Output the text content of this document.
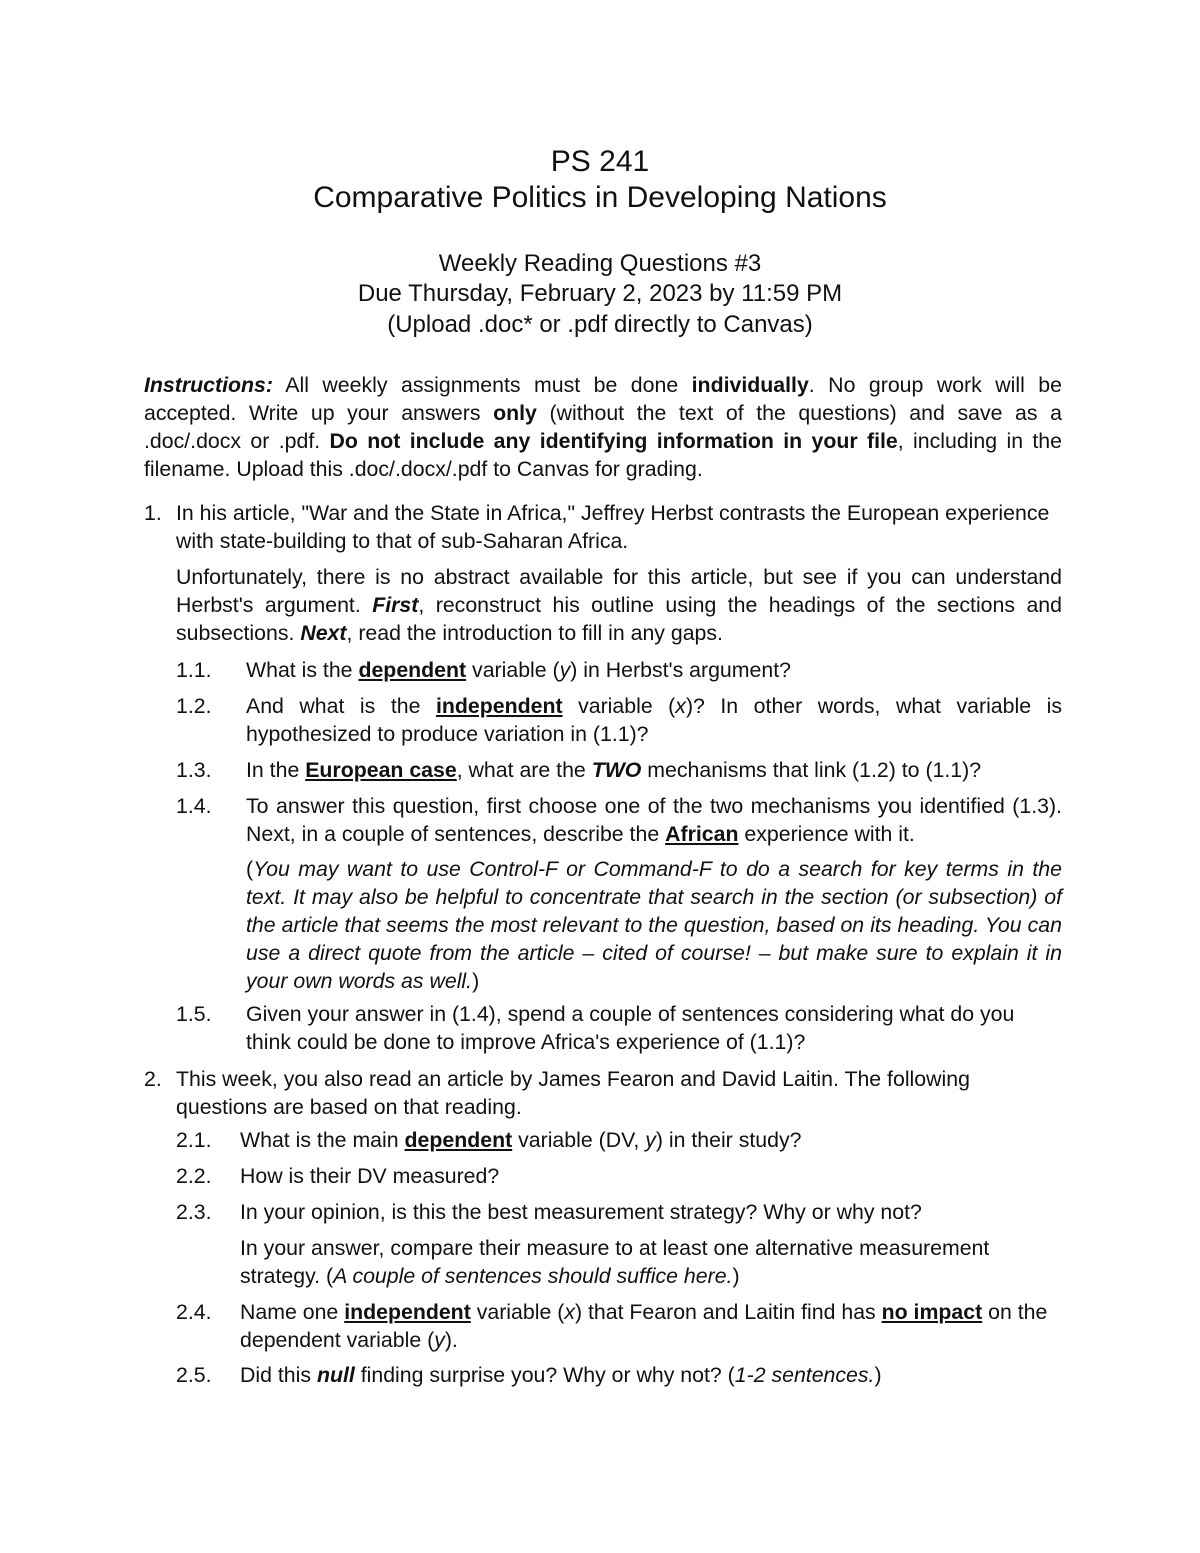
PS 241
Comparative Politics in Developing Nations
Weekly Reading Questions #3
Due Thursday, February 2, 2023 by 11:59 PM
(Upload .doc* or .pdf directly to Canvas)
Instructions: All weekly assignments must be done individually. No group work will be accepted. Write up your answers only (without the text of the questions) and save as a .doc/.docx or .pdf. Do not include any identifying information in your file, including in the filename. Upload this .doc/.docx/.pdf to Canvas for grading.
1. In his article, "War and the State in Africa," Jeffrey Herbst contrasts the European experience with state-building to that of sub-Saharan Africa.
Unfortunately, there is no abstract available for this article, but see if you can understand Herbst's argument. First, reconstruct his outline using the headings of the sections and subsections. Next, read the introduction to fill in any gaps.
1.1. What is the dependent variable (y) in Herbst's argument?
1.2. And what is the independent variable (x)? In other words, what variable is hypothesized to produce variation in (1.1)?
1.3. In the European case, what are the TWO mechanisms that link (1.2) to (1.1)?
1.4. To answer this question, first choose one of the two mechanisms you identified (1.3). Next, in a couple of sentences, describe the African experience with it.
(You may want to use Control-F or Command-F to do a search for key terms in the text. It may also be helpful to concentrate that search in the section (or subsection) of the article that seems the most relevant to the question, based on its heading. You can use a direct quote from the article – cited of course! – but make sure to explain it in your own words as well.)
1.5. Given your answer in (1.4), spend a couple of sentences considering what do you think could be done to improve Africa's experience of (1.1)?
2. This week, you also read an article by James Fearon and David Laitin. The following questions are based on that reading.
2.1. What is the main dependent variable (DV, y) in their study?
2.2. How is their DV measured?
2.3. In your opinion, is this the best measurement strategy? Why or why not?
In your answer, compare their measure to at least one alternative measurement strategy. (A couple of sentences should suffice here.)
2.4. Name one independent variable (x) that Fearon and Laitin find has no impact on the dependent variable (y).
2.5. Did this null finding surprise you? Why or why not? (1-2 sentences.)
